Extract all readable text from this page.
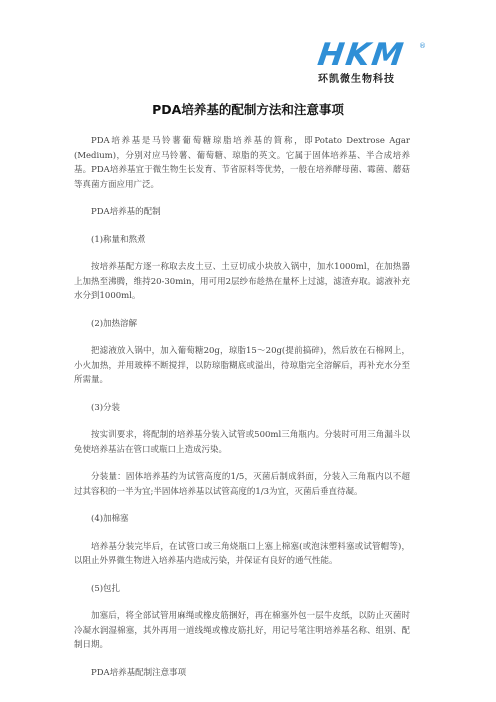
HKM	®
环凯微生物科技
PDA培养基的配制方法和注意事项

PDA培养基是马铃薯葡萄糖琼脂培养基的简称，即Potato Dextrose Agar (Medium)，分别对应马铃薯、葡萄糖、琼脂的英文。它属于固体培养基、半合成培养基。PDA培养基宜于微生物生长发育、节省原料等优势，一般在培养酵母菌、霉菌、蘑菇等真菌方面应用广泛。

PDA培养基的配制

(1)称量和熬煮

按培养基配方逐一称取去皮土豆、土豆切成小块放入锅中，加水1000ml，在加热器上加热至沸腾，维持20-30min，用可用2层纱布趁热在量杯上过滤，滤渣弃取。滤液补充水分到1000ml。

(2)加热溶解

把滤液放入锅中，加入葡萄糖20g，琼脂15～20g(提前搞碎)，然后放在石棉网上，小火加热，并用玻棒不断搅拌，以防琼脂糊底或溢出，待琼脂完全溶解后，再补充水分至所需量。

(3)分装

按实训要求，将配制的培养基分装入试管或500ml三角瓶内。分装时可用三角漏斗以免使培养基沾在管口或瓶口上造成污染。

分装量：固体培养基约为试管高度的1/5，灭菌后制成斜面，分装入三角瓶内以不超过其容积的一半为宜;半固体培养基以试管高度的1/3为宜，灭菌后垂直待凝。

(4)加棉塞

培养基分装完毕后，在试管口或三角烧瓶口上塞上棉塞(或泡沫塑料塞或试管帽等)，以阻止外界微生物进入培养基内造成污染，并保证有良好的通气性能。

(5)包扎

加塞后，将全部试管用麻绳或橡皮筋捆好，再在棉塞外包一层牛皮纸，以防止灭菌时冷凝水润湿棉塞，其外再用一道线绳或橡皮筋扎好，用记号笔注明培养基名称、组别、配制日期。

PDA培养基配制注意事项
